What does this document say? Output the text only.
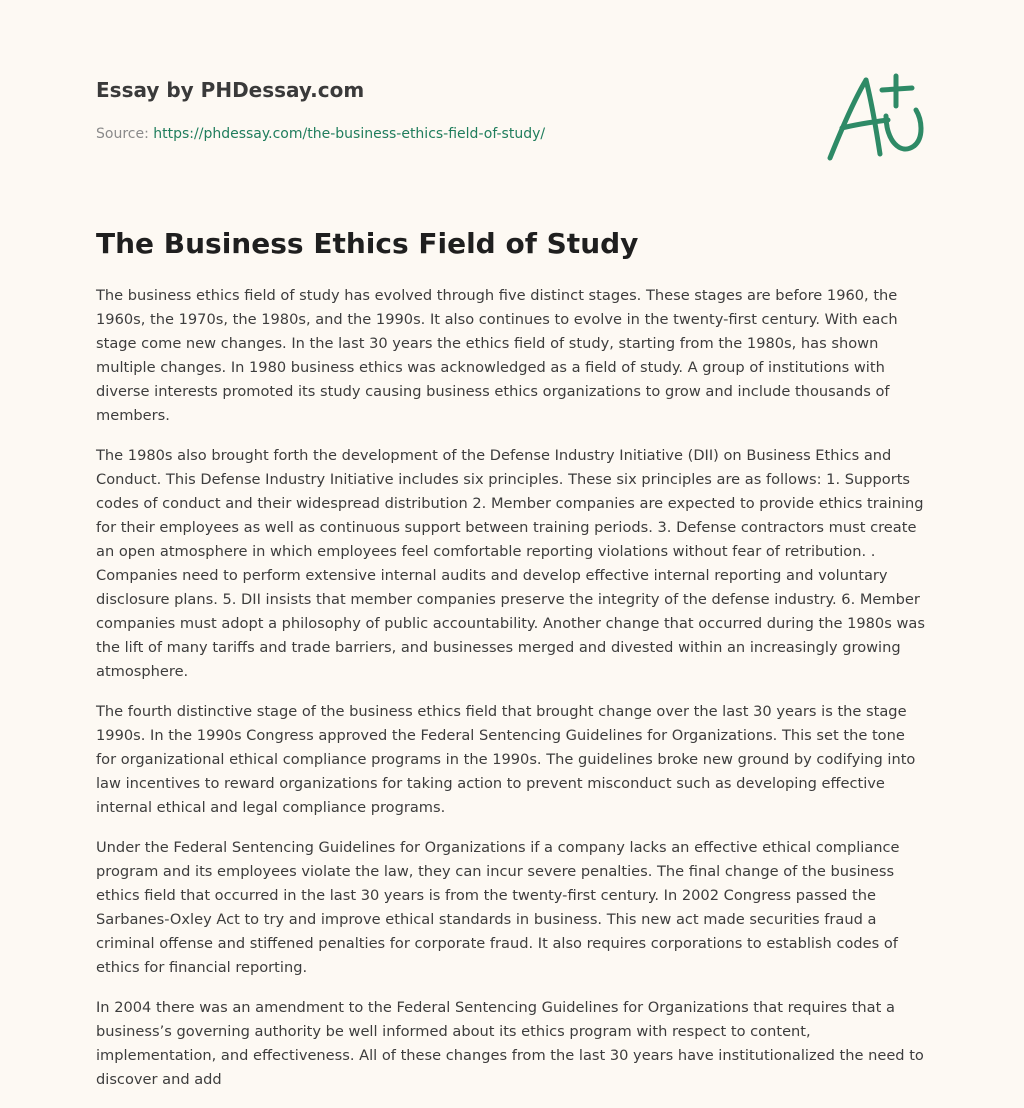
Essay by PHDessay.com
Source: https://phdessay.com/the-business-ethics-field-of-study/
The Business Ethics Field of Study

The business ethics field of study has evolved through five distinct stages. These stages are before 1960, the 1960s, the 1970s, the 1980s, and the 1990s. It also continues to evolve in the twenty-first century. With each stage come new changes. In the last 30 years the ethics field of study, starting from the 1980s, has shown multiple changes. In 1980 business ethics was acknowledged as a field of study. A group of institutions with diverse interests promoted its study causing business ethics organizations to grow and include thousands of members.

The 1980s also brought forth the development of the Defense Industry Initiative (DII) on Business Ethics and Conduct. This Defense Industry Initiative includes six principles. These six principles are as follows: 1. Supports codes of conduct and their widespread distribution 2. Member companies are expected to provide ethics training for their employees as well as continuous support between training periods. 3. Defense contractors must create an open atmosphere in which employees feel comfortable reporting violations without fear of retribution. . Companies need to perform extensive internal audits and develop effective internal reporting and voluntary disclosure plans. 5. DII insists that member companies preserve the integrity of the defense industry. 6. Member companies must adopt a philosophy of public accountability. Another change that occurred during the 1980s was the lift of many tariffs and trade barriers, and businesses merged and divested within an increasingly growing atmosphere.

The fourth distinctive stage of the business ethics field that brought change over the last 30 years is the stage 1990s. In the 1990s Congress approved the Federal Sentencing Guidelines for Organizations. This set the tone for organizational ethical compliance programs in the 1990s. The guidelines broke new ground by codifying into law incentives to reward organizations for taking action to prevent misconduct such as developing effective internal ethical and legal compliance programs.

Under the Federal Sentencing Guidelines for Organizations if a company lacks an effective ethical compliance program and its employees violate the law, they can incur severe penalties. The final change of the business ethics field that occurred in the last 30 years is from the twenty-first century. In 2002 Congress passed the Sarbanes-Oxley Act to try and improve ethical standards in business. This new act made securities fraud a criminal offense and stiffened penalties for corporate fraud. It also requires corporations to establish codes of ethics for financial reporting.

In 2004 there was an amendment to the Federal Sentencing Guidelines for Organizations that requires that a business’s governing authority be well informed about its ethics program with respect to content, implementation, and effectiveness. All of these changes from the last 30 years have institutionalized the need to discover and add
